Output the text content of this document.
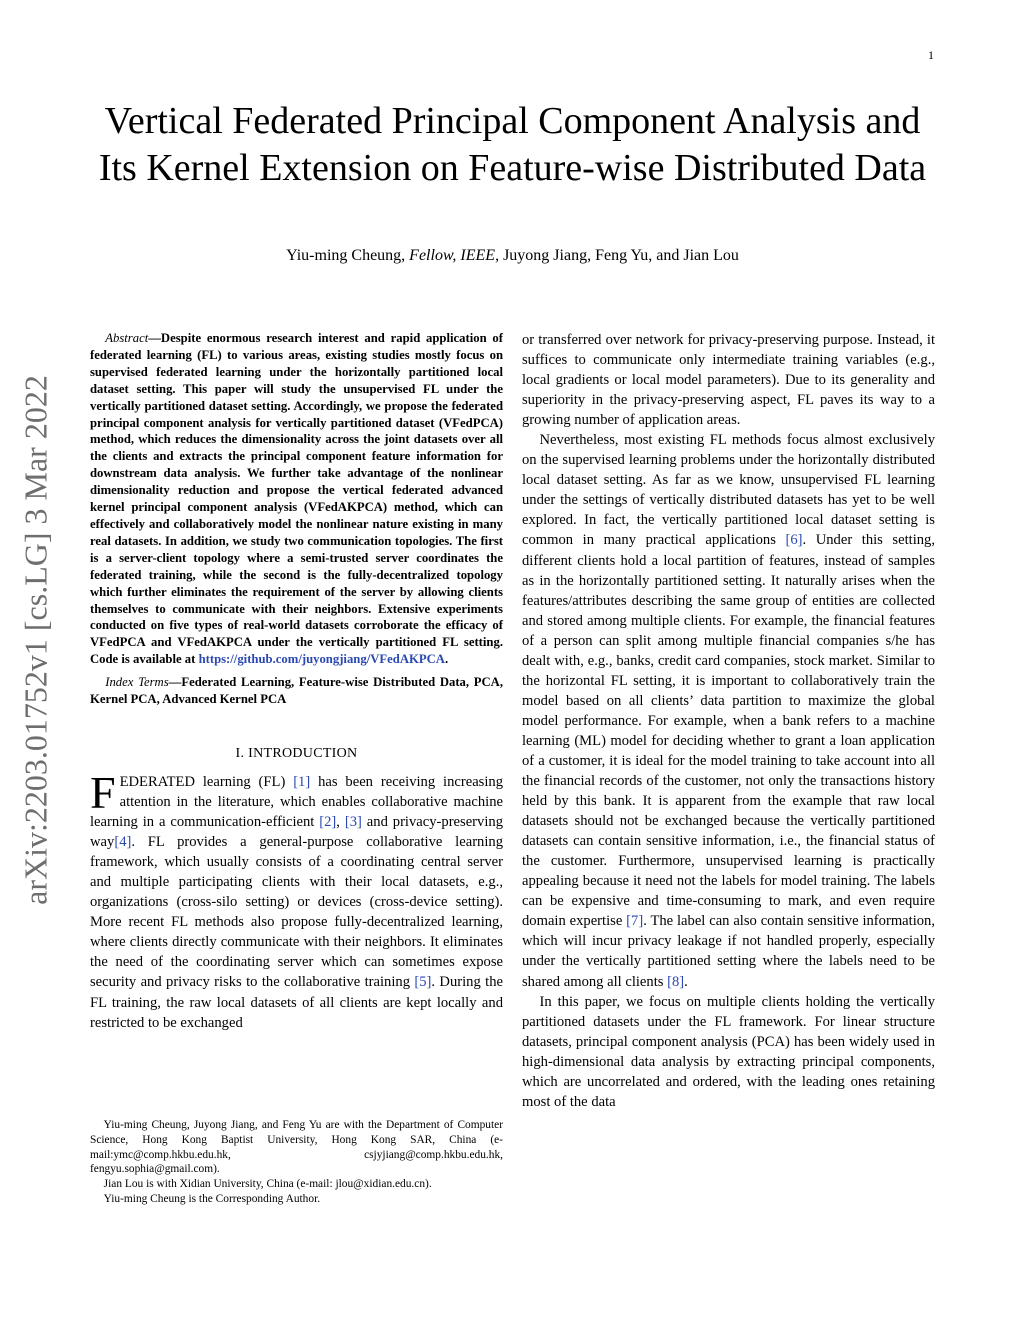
1
arXiv:2203.01752v1 [cs.LG] 3 Mar 2022
Vertical Federated Principal Component Analysis and Its Kernel Extension on Feature-wise Distributed Data
Yiu-ming Cheung, Fellow, IEEE, Juyong Jiang, Feng Yu, and Jian Lou

Abstract—Despite enormous research interest and rapid application of federated learning (FL) to various areas, existing studies mostly focus on supervised federated learning under the horizontally partitioned local dataset setting. This paper will study the unsupervised FL under the vertically partitioned dataset setting. Accordingly, we propose the federated principal component analysis for vertically partitioned dataset (VFedPCA) method, which reduces the dimensionality across the joint datasets over all the clients and extracts the principal component feature information for downstream data analysis. We further take advantage of the nonlinear dimensionality reduction and propose the vertical federated advanced kernel principal component analysis (VFedAKPCA) method, which can effectively and collaboratively model the nonlinear nature existing in many real datasets. In addition, we study two communication topologies. The first is a server-client topology where a semi-trusted server coordinates the federated training, while the second is the fully-decentralized topology which further eliminates the requirement of the server by allowing clients themselves to communicate with their neighbors. Extensive experiments conducted on five types of real-world datasets corroborate the efficacy of VFedPCA and VFedAKPCA under the vertically partitioned FL setting. Code is available at https://github.com/juyongjiang/VFedAKPCA.

Index Terms—Federated Learning, Feature-wise Distributed Data, PCA, Kernel PCA, Advanced Kernel PCA

I. INTRODUCTION

FEDERATED learning (FL) [1] has been receiving increasing attention in the literature, which enables collaborative machine learning in a communication-efficient [2], [3] and privacy-preserving way[4]. FL provides a general-purpose collaborative learning framework, which usually consists of a coordinating central server and multiple participating clients with their local datasets, e.g., organizations (cross-silo setting) or devices (cross-device setting). More recent FL methods also propose fully-decentralized learning, where clients directly communicate with their neighbors. It eliminates the need of the coordinating server which can sometimes expose security and privacy risks to the collaborative training [5]. During the FL training, the raw local datasets of all clients are kept locally and restricted to be exchanged

Yiu-ming Cheung, Juyong Jiang, and Feng Yu are with the Department of Computer Science, Hong Kong Baptist University, Hong Kong SAR, China (e-mail:ymc@comp.hkbu.edu.hk, csjyjiang@comp.hkbu.edu.hk, fengyu.sophia@gmail.com).

Jian Lou is with Xidian University, China (e-mail: jlou@xidian.edu.cn).

Yiu-ming Cheung is the Corresponding Author.

or transferred over network for privacy-preserving purpose. Instead, it suffices to communicate only intermediate training variables (e.g., local gradients or local model parameters). Due to its generality and superiority in the privacy-preserving aspect, FL paves its way to a growing number of application areas.

Nevertheless, most existing FL methods focus almost exclusively on the supervised learning problems under the horizontally distributed local dataset setting. As far as we know, unsupervised FL learning under the settings of vertically distributed datasets has yet to be well explored. In fact, the vertically partitioned local dataset setting is common in many practical applications [6]. Under this setting, different clients hold a local partition of features, instead of samples as in the horizontally partitioned setting. It naturally arises when the features/attributes describing the same group of entities are collected and stored among multiple clients. For example, the financial features of a person can split among multiple financial companies s/he has dealt with, e.g., banks, credit card companies, stock market. Similar to the horizontal FL setting, it is important to collaboratively train the model based on all clients’ data partition to maximize the global model performance. For example, when a bank refers to a machine learning (ML) model for deciding whether to grant a loan application of a customer, it is ideal for the model training to take account into all the financial records of the customer, not only the transactions history held by this bank. It is apparent from the example that raw local datasets should not be exchanged because the vertically partitioned datasets can contain sensitive information, i.e., the financial status of the customer. Furthermore, unsupervised learning is practically appealing because it need not the labels for model training. The labels can be expensive and time-consuming to mark, and even require domain expertise [7]. The label can also contain sensitive information, which will incur privacy leakage if not handled properly, especially under the vertically partitioned setting where the labels need to be shared among all clients [8].

In this paper, we focus on multiple clients holding the vertically partitioned datasets under the FL framework. For linear structure datasets, principal component analysis (PCA) has been widely used in high-dimensional data analysis by extracting principal components, which are uncorrelated and ordered, with the leading ones retaining most of the data
